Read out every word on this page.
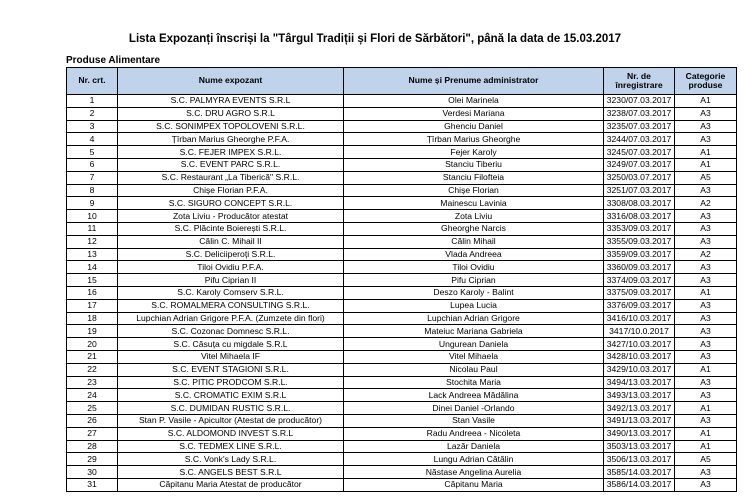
Lista Expozanți înscriși la "Târgul Tradiții și Flori de Sărbători", până la data de 15.03.2017
Produse Alimentare
Nr. crt.	Nume expozant	Nume și Prenume administrator	Nr. de înregistrare	Categorie produse
1	S.C. PALMYRA EVENTS S.R.L	Olei Marinela	3230/07.03.2017	A1
2	S.C. DRU AGRO S.R.L	Verdesi Mariana	3238/07.03.2017	A3
3	S.C. SONIMPEX TOPOLOVENI S.R.L.	Ghenciu Daniel	3235/07.03.2017	A3
4	Țîrban Marius Gheorghe P.F.A.	Țîrban Marius Gheorghe	3244/07.03.2017	A3
5	S.C. FEJER IMPEX S.R.L.	Fejer Karoly	3245/07.03.2017	A1
6	S.C. EVENT PARC S.R.L.	Stanciu Tiberiu	3249/07.03.2017	A1
7	S.C. Restaurant „La Tiberică" S.R.L.	Stanciu Filofteia	3250/03.07.2017	A5
8	Chișe Florian P.F.A.	Chișe Florian	3251/07.03.2017	A3
9	S.C. SIGURO CONCEPT S.R.L.	Mainescu Lavinia	3308/08.03.2017	A2
10	Zota Liviu - Producător atestat	Zota Liviu	3316/08.03.2017	A3
11	S.C. Plăcinte Boierești S.R.L.	Gheorghe Narcis	3353/09.03.2017	A3
12	Călin C. Mihail II	Călin Mihail	3355/09.03.2017	A3
13	S.C. Deliciiperoți S.R.L.	Vlada Andreea	3359/09.03.2017	A2
14	Tiloi Ovidiu P.F.A.	Tiloi Ovidiu	3360/09.03.2017	A3
15	Pifu Ciprian II	Pifu Ciprian	3374/09.03.2017	A3
16	S.C. Karoly Comserv S.R.L.	Deszo Karoly - Balint	3375/09.03.2017	A1
17	S.C. ROMALMERA CONSULTING S.R.L.	Lupea Lucia	3376/09.03.2017	A3
18	Lupchian Adrian Grigore P.F.A. (Zumzete din flori)	Lupchian Adrian Grigore	3416/10.03.2017	A3
19	S.C. Cozonac Domnesc S.R.L.	Mateiuc Mariana Gabriela	3417/10.0.2017	A3
20	S.C. Căsuța cu migdale S.R.L	Ungurean Daniela	3427/10.03.2017	A3
21	Vitel Mihaela IF	Vitel Mihaela	3428/10.03.2017	A3
22	S.C. EVENT STAGIONI S.R.L.	Nicolau Paul	3429/10.03.2017	A1
23	S.C. PITIC PRODCOM S.R.L.	Stochita Maria	3494/13.03.2017	A3
24	S.C. CROMATIC EXIM S.R.L	Lack Andreea Mădălina	3493/13.03.2017	A3
25	S.C. DUMIDAN RUSTIC S.R.L.	Dinei Daniel -Orlando	3492/13.03.2017	A1
26	Stan P. Vasile - Apicultor (Atestat de producător)	Stan Vasile	3491/13.03.2017	A3
27	S.C. ALDOMOND INVEST S.R.L	Radu Andreea - Nicoleta	3490/13.03.2017	A1
28	S.C. TEDMEX LINE S.R.L.	Lazăr Daniela	3503/13.03.2017	A1
29	S.C. Vonk's Lady S.R.L.	Lungu Adrian Cătălin	3506/13.03.2017	A5
30	S.C. ANGELS BEST S.R.L	Năstase Angelina Aurelia	3585/14.03.2017	A3
31	Căpitanu Maria Atestat de producător	Căpitanu Maria	3586/14.03.2017	A3
